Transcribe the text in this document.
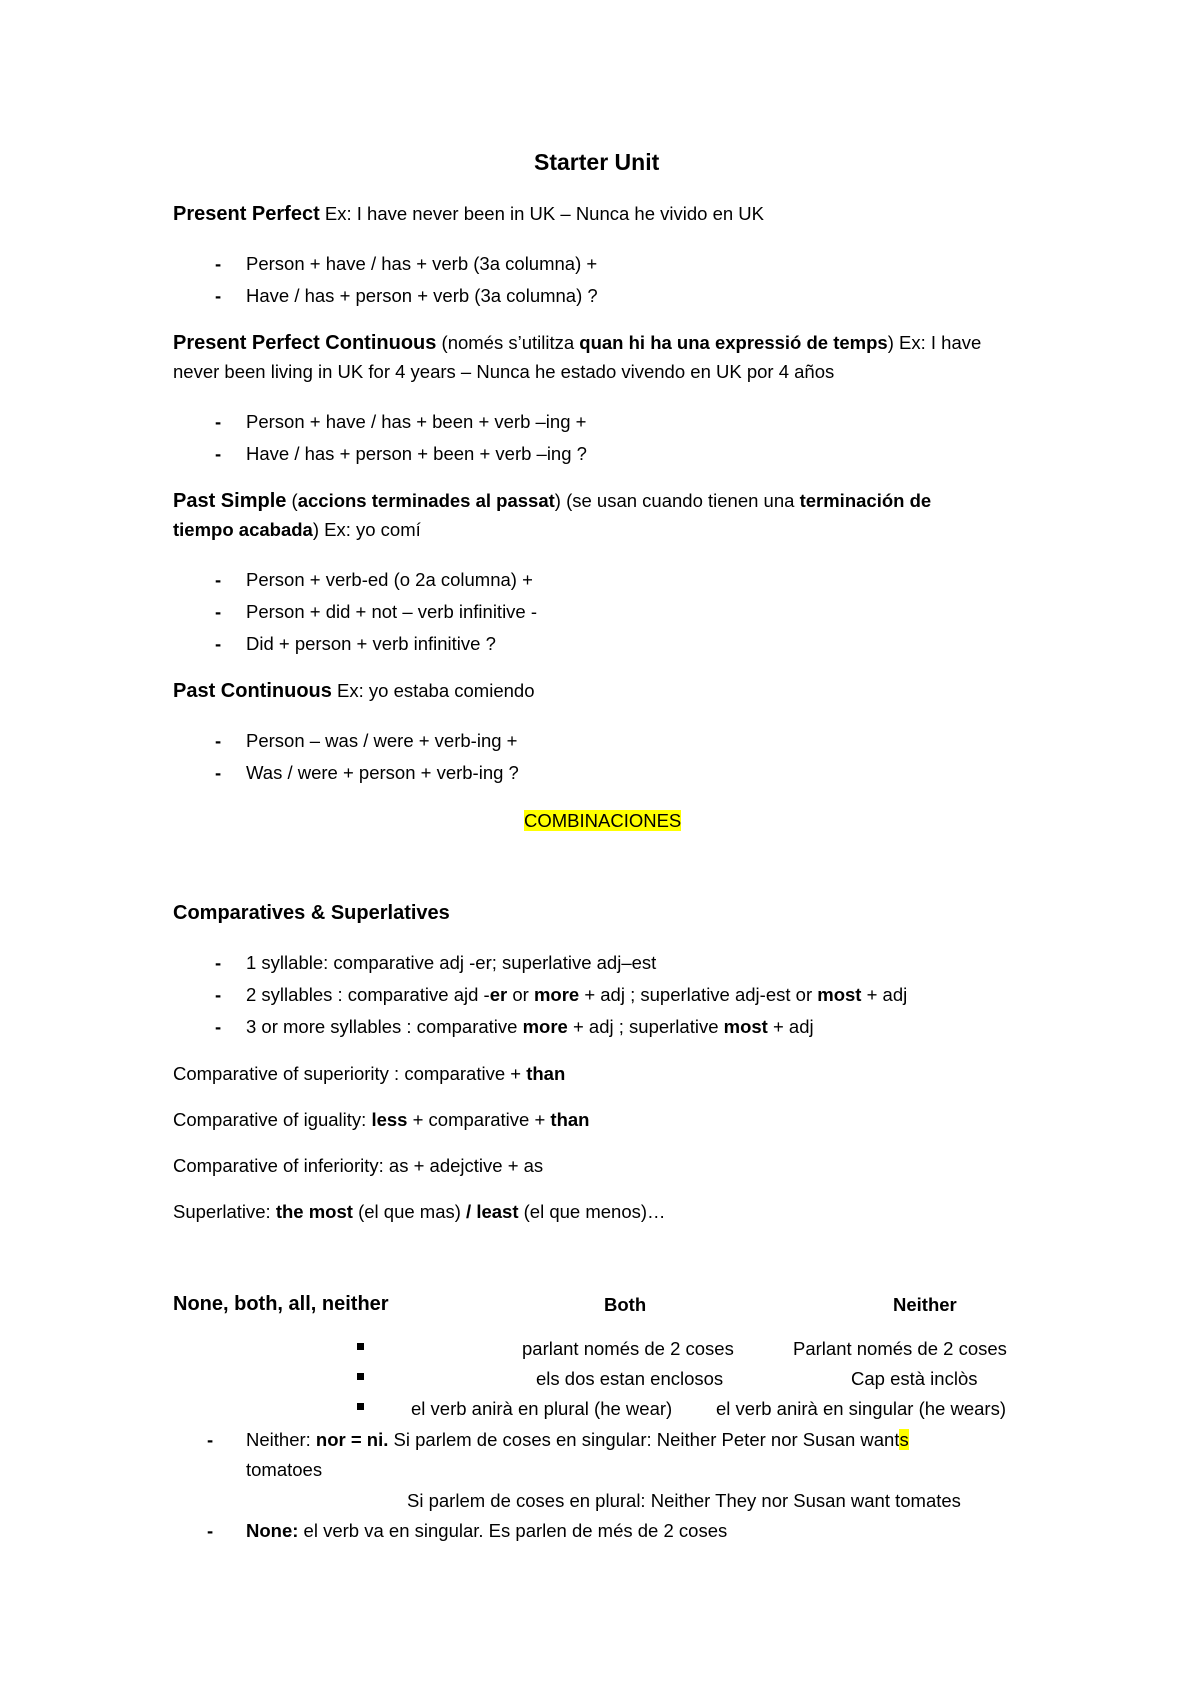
Starter Unit
Present Perfect Ex: I have never been in UK – Nunca he vivido en UK
- Person + have / has + verb (3a columna) +
- Have / has + person + verb (3a columna) ?
Present Perfect Continuous (només s’utilitza quan hi ha una expressió de temps) Ex: I have
never been living in UK for 4 years – Nunca he estado vivendo en UK por 4 años
- Person + have / has + been + verb –ing +
- Have / has + person + been + verb –ing ?
Past Simple (accions terminades al passat) (se usan cuando tienen una terminación de
tiempo acabada) Ex: yo comí
- Person + verb-ed (o 2a columna) +
- Person + did + not – verb infinitive -
- Did + person + verb infinitive ?
Past Continuous Ex: yo estaba comiendo
- Person – was / were + verb-ing +
- Was / were + person + verb-ing ?
COMBINACIONES
Comparatives & Superlatives
- 1 syllable: comparative adj -er; superlative adj–est
- 2 syllables : comparative ajd -er or more + adj ; superlative adj-est or most + adj
- 3 or more syllables : comparative more + adj ; superlative most + adj
Comparative of superiority : comparative + than
Comparative of iguality: less + comparative + than
Comparative of inferiority: as + adejctive + as
Superlative: the most (el que mas) / least (el que menos)…
None, both, all, neither	Both	Neither
parlant només de 2 coses	Parlant només de 2 coses
els dos estan enclosos	Cap està inclòs
el verb anirà en plural (he wear) el verb anirà en singular (he wears)
- Neither: nor = ni. Si parlem de coses en singular: Neither Peter nor Susan wants
tomatoes
Si parlem de coses en plural: Neither They nor Susan want tomates
- None: el verb va en singular. Es parlen de més de 2 coses
